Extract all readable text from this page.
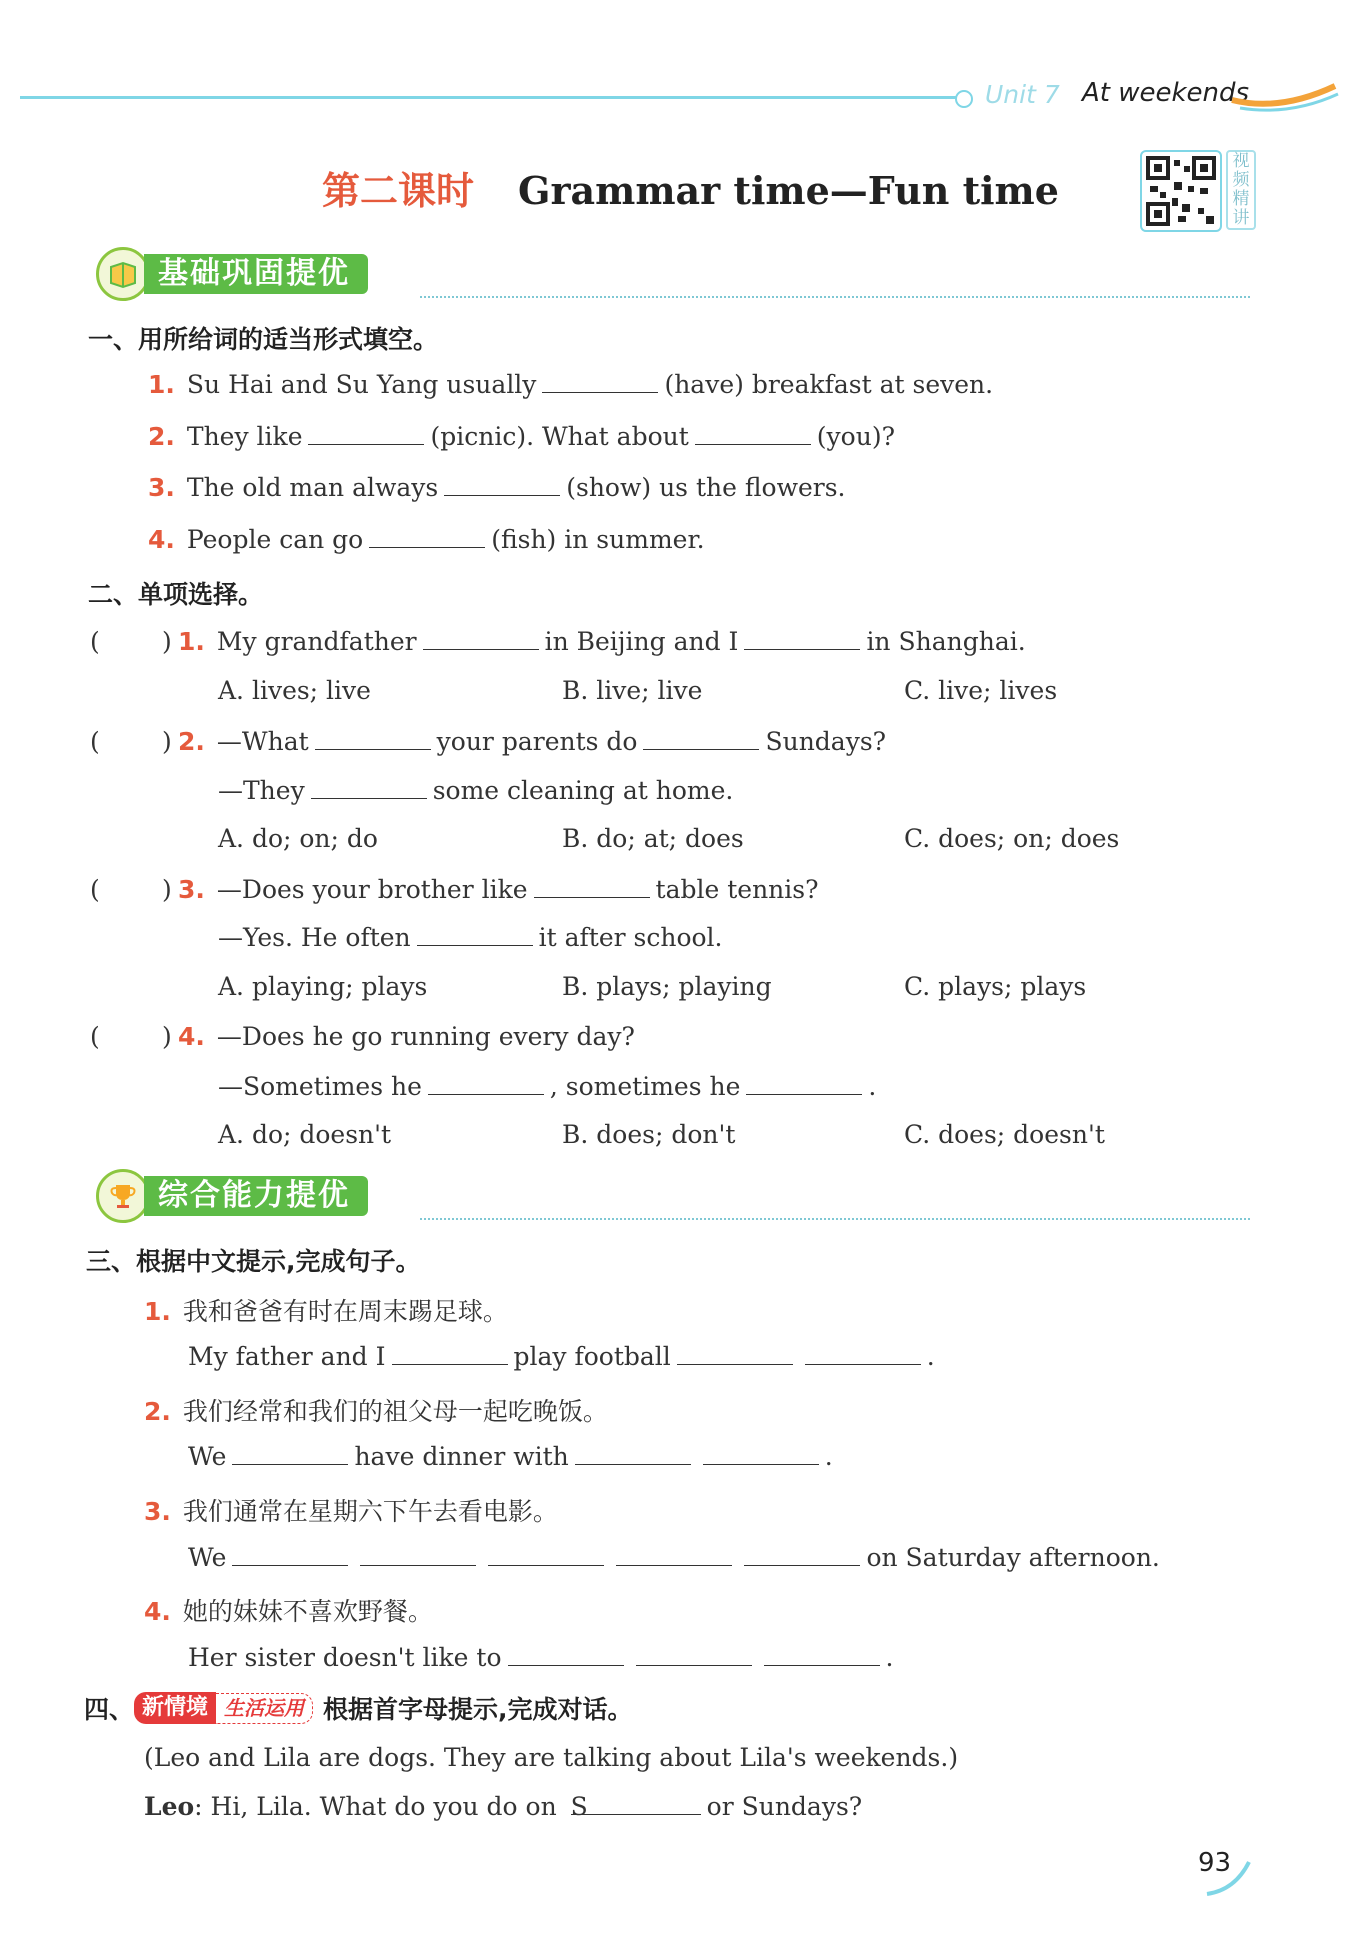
Unit 7 At weekends
第二课时 Grammar time—Fun time
视频精讲
基础巩固提优
一、用所给词的适当形式填空。
1. Su Hai and Su Yang usually	(have) breakfast at seven.
2. They like	(picnic). What about	(you)?
3. The old man always	(show) us the flowers.
4. People can go	(fish) in summer.
二、单项选择。
( ) 1. My grandfather	in Beijing and I	in Shanghai.
A. lives; live	B. live; live	C. live; lives
( ) 2. —What	your parents do	Sundays?
—They	some cleaning at home.
A. do; on; do	B. do; at; does	C. does; on; does
( ) 3. —Does your brother like	table tennis?
—Yes. He often	it after school.
A. playing; plays	B. plays; playing	C. plays; plays
( ) 4. —Does he go running every day?
—Sometimes he	, sometimes he	.
A. do; doesn't	B. does; don't	C. does; doesn't
综合能力提优
三、根据中文提示,完成句子。
1. 我和爸爸有时在周末踢足球。
My father and I	play football	.
2. 我们经常和我们的祖父母一起吃晚饭。
We	have dinner with	.
3. 我们通常在星期六下午去看电影。
We	on Saturday afternoon.
4. 她的妹妹不喜欢野餐。
Her sister doesn't like to	.
四、 新情境 生活运用 根据首字母提示,完成对话。
(Leo and Lila are dogs. They are talking about Lila's weekends.)
Leo: Hi, Lila. What do you do on S	or Sundays?
93
